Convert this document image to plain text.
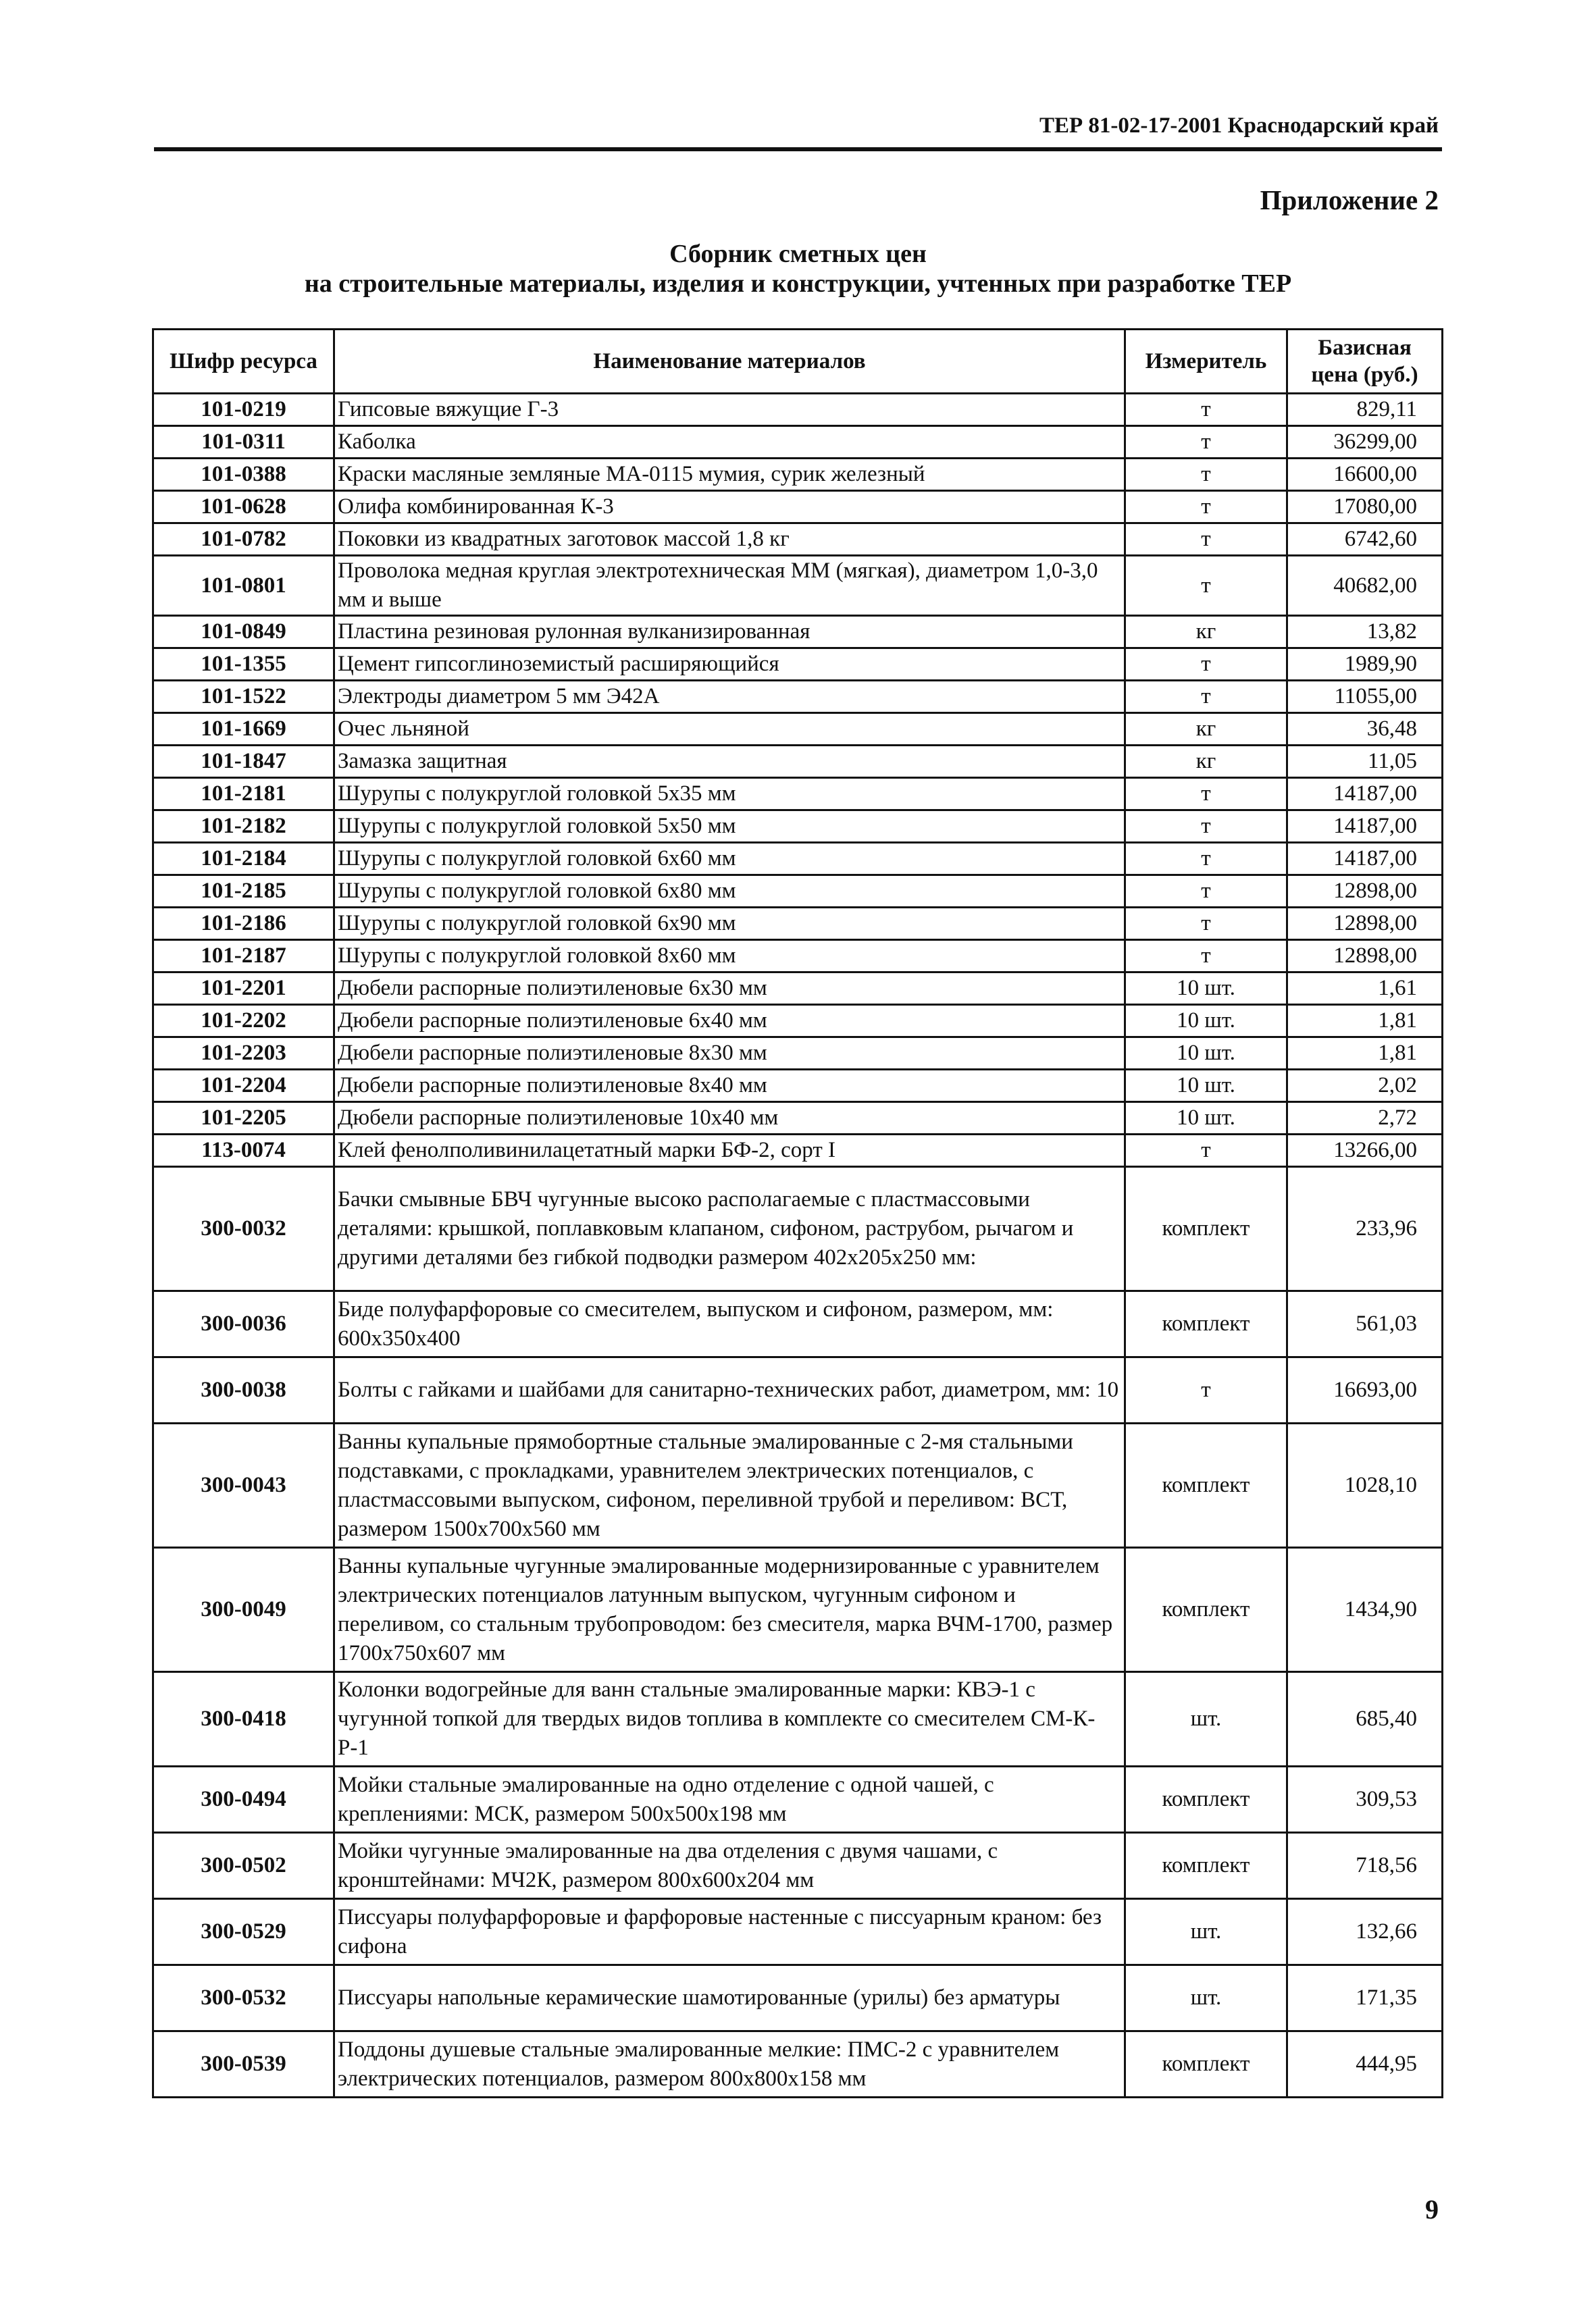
ТЕР 81-02-17-2001 Краснодарский край
Приложение 2
Сборник сметных цен
на строительные материалы, изделия и конструкции, учтенных при разработке ТЕР
Шифр ресурса	Наименование материалов	Измеритель	Базисная цена (руб.)
101-0219	Гипсовые вяжущие Г-3	т	829,11
101-0311	Каболка	т	36299,00
101-0388	Краски масляные земляные МА-0115 мумия, сурик железный	т	16600,00
101-0628	Олифа комбинированная К-3	т	17080,00
101-0782	Поковки из квадратных заготовок массой 1,8 кг	т	6742,60
101-0801	Проволока медная круглая электротехническая ММ (мягкая), диаметром 1,0-3,0 мм и выше	т	40682,00
101-0849	Пластина резиновая рулонная вулканизированная	кг	13,82
101-1355	Цемент гипсоглиноземистый расширяющийся	т	1989,90
101-1522	Электроды диаметром 5 мм Э42А	т	11055,00
101-1669	Очес льняной	кг	36,48
101-1847	Замазка защитная	кг	11,05
101-2181	Шурупы с полукруглой головкой 5х35 мм	т	14187,00
101-2182	Шурупы с полукруглой головкой 5х50 мм	т	14187,00
101-2184	Шурупы с полукруглой головкой 6х60 мм	т	14187,00
101-2185	Шурупы с полукруглой головкой 6х80 мм	т	12898,00
101-2186	Шурупы с полукруглой головкой 6х90 мм	т	12898,00
101-2187	Шурупы с полукруглой головкой 8х60 мм	т	12898,00
101-2201	Дюбели распорные полиэтиленовые 6х30 мм	10 шт.	1,61
101-2202	Дюбели распорные полиэтиленовые 6х40 мм	10 шт.	1,81
101-2203	Дюбели распорные полиэтиленовые 8х30 мм	10 шт.	1,81
101-2204	Дюбели распорные полиэтиленовые 8х40 мм	10 шт.	2,02
101-2205	Дюбели распорные полиэтиленовые 10х40 мм	10 шт.	2,72
113-0074	Клей фенолполивинилацетатный марки БФ-2, сорт I	т	13266,00
300-0032	Бачки смывные БВЧ чугунные высоко располагаемые с пластмассовыми деталями: крышкой, поплавковым клапаном, сифоном, раструбом, рычагом и другими деталями без гибкой подводки размером 402х205х250 мм:	комплект	233,96
300-0036	Биде полуфарфоровые со смесителем, выпуском и сифоном, размером, мм: 600х350х400	комплект	561,03
300-0038	Болты с гайками и шайбами для санитарно-технических работ, диаметром, мм: 10	т	16693,00
300-0043	Ванны купальные прямобортные стальные эмалированные с 2-мя стальными подставками, с прокладками, уравнителем электрических потенциалов, с пластмассовыми выпуском, сифоном, переливной трубой и переливом: ВСТ, размером 1500х700х560 мм	комплект	1028,10
300-0049	Ванны купальные чугунные эмалированные модернизированные с уравнителем электрических потенциалов латунным выпуском, чугунным сифоном и переливом, со стальным трубопроводом: без смесителя, марка ВЧМ-1700, размер 1700х750х607 мм	комплект	1434,90
300-0418	Колонки водогрейные для ванн стальные эмалированные марки: КВЭ-1 с чугунной топкой для твердых видов топлива в комплекте со смесителем СМ-К-Р-1	шт.	685,40
300-0494	Мойки стальные эмалированные на одно отделение с одной чашей, с креплениями: МСК, размером 500х500х198 мм	комплект	309,53
300-0502	Мойки чугунные эмалированные на два отделения с двумя чашами, с кронштейнами: МЧ2К, размером 800х600х204 мм	комплект	718,56
300-0529	Писсуары полуфарфоровые и фарфоровые настенные с писсуарным краном: без сифона	шт.	132,66
300-0532	Писсуары напольные керамические шамотированные (урилы) без арматуры	шт.	171,35
300-0539	Поддоны душевые стальные эмалированные мелкие: ПМС-2 с уравнителем электрических потенциалов, размером 800х800х158 мм	комплект	444,95
9
